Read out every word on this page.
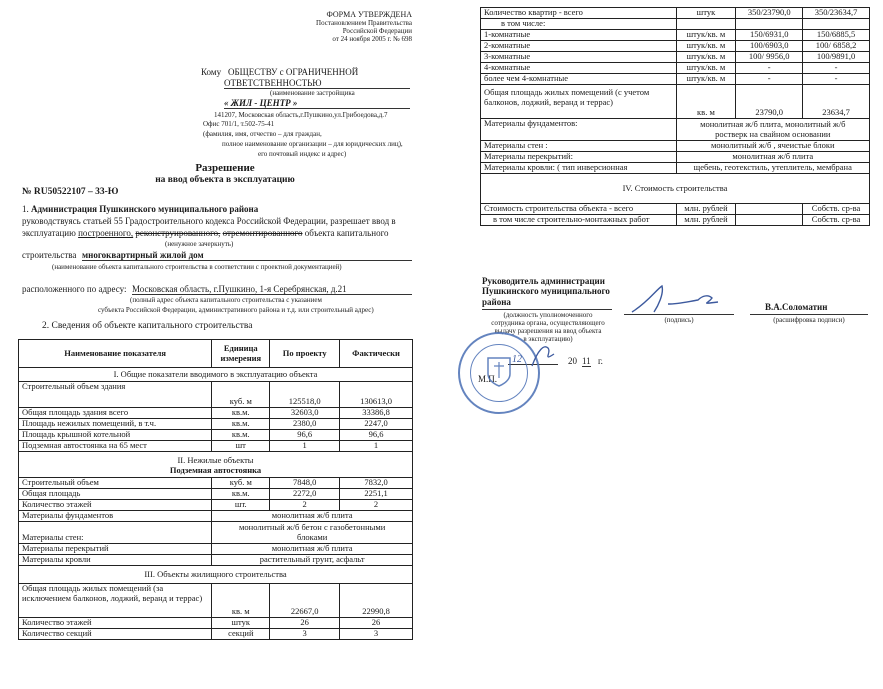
ФОРМА УТВЕРЖДЕНА
Постановлением Правительства
Российской Федерации
от 24 ноября 2005 г. № 698
Кому ОБЩЕСТВУ с ОГРАНИЧЕННОЙ
ОТВЕТСТВЕННОСТЬЮ
(наименование застройщика
« ЖИЛ - ЦЕНТР »
141207, Московская область,г.Пушкино,ул.Грибоедова,д.7
Офис 701/1, т.502-75-41
(фамилия, имя, отчество – для граждан,
полное наименование организации – для юридических лиц),
его почтовый индекс и адрес)
Разрешение
на ввод объекта в эксплуатацию
№ RU50522107 – 33-Ю
1. Администрация Пушкинского муниципального района
руководствуясь статьей 55 Градостроительного кодекса Российской Федерации, разрешает ввод в
эксплуатацию построенного, реконструированного, отремонтированного объекта капитального
(ненужное зачеркнуть)
строительства многоквартирный жилой дом
(наименование объекта капитального строительства в соответствии с проектной документацией)
расположенного по адресу: Московская область, г.Пушкино, 1-я Серебрянская, д.21
(полный адрес объекта капитального строительства с указанием
субъекта Российской Федерации, административного района и т.д. или строительный адрес)
2. Сведения об объекте капитального строительства
Наименование показателя	Единица измерения	По проекту	Фактически
I. Общие показатели вводимого в эксплуатацию объекта			
Строительный объем здания	куб. м	125518,0	130613,0
Общая площадь здания всего	кв.м.	32603,0	33386,8
Площадь нежилых помещений, в т.ч.	кв.м.	2380,0	2247,0
Площадь крышной котельной	кв.м.	96,6	96,6
Подземная автостоянка на 65 мест	шт	1	1

II. Нежилые объекты
Подземная автостоянка			

Строительный объем	куб. м	7848,0	7832,0
Общая площадь	кв.м.	2272,0	2251,1
Количество этажей	шт.	2	2
Материалы фундаментов	монолитная ж/б плита		
Материалы стен:	монолитный ж/б бетон с газобетонными блоками		
Материалы перекрытий	монолитная ж/б плита		
Материалы кровли	растительный грунт, асфальт		
III. Объекты жилищного строительства			
Общая площадь жилых помещений (за исключением балконов, лоджий, веранд и террас)	кв. м	22667,0	22990,8
Количество этажей	штук	26	26
Количество секций	секций	3	3
Количество квартир - всего	штук	350/23790,0	350/23634,7
в том числе:			
1-комнатные	штук/кв. м	150/6931,0	150/6885,5
2-комнатные	штук/кв. м	100/6903,0	100/ 6858,2
3-комнатные	штук/кв. м	100/ 9956,0	100/9891,0
4-комнатные	штук/кв. м	-	-
более чем 4-комнатные	штук/кв. м	-	-
Общая площадь жилых помещений (с учетом балконов, лоджий, веранд и террас)	кв. м	23790,0	23634,7
Материалы фундаментов:	монолитная ж/б плита, монолитный ж/б ростверк на свайном основании		
Материалы стен :	монолитный ж/б , ячеистые блоки		
Материалы перекрытий:	монолитная ж/б плита		
Материалы кровли: ( тип инверсионная	щебень, геотекстиль, утеплитель, мембрана		
IV. Стоимость строительства			
Стоимость строительства объекта - всего	млн. рублей		Собств. ср-ва
в том числе строительно-монтажных работ	млн. рублей		Собств. ср-ва
Руководитель администрации
Пушкинского муниципального
района
(должность уполномоченного
сотрудника органа, осуществляющего
выдачу разрешения на ввод объекта
в эксплуатацию)
(подпись)
В.А.Соломатин
(расшифровка подписи)
12	20 11 г.
М.П.
